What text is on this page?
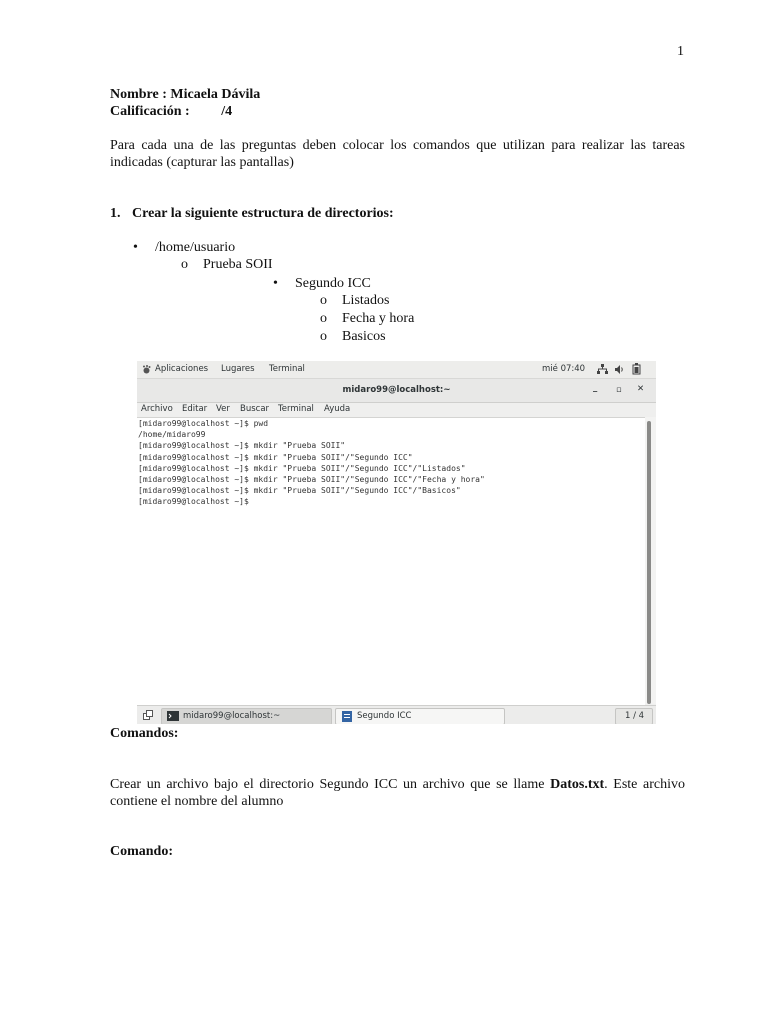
1
Nombre : Micaela Dávila
Calificación : /4
Para cada una de las preguntas deben colocar los comandos que utilizan para realizar las tareas indicadas (capturar las pantallas)
1. Crear la siguiente estructura de directorios:
• /home/usuario
o Prueba SOII
• Segundo ICC
o Listados
o Fecha y hora
o Basicos
Aplicaciones Lugares Terminal	mié 07:40
midaro99@localhost:~	_ ▫ ✕
Archivo Editar Ver Buscar Terminal Ayuda
[midaro99@localhost ~]$ pwd
/home/midaro99
[midaro99@localhost ~]$ mkdir "Prueba SOII"
[midaro99@localhost ~]$ mkdir "Prueba SOII"/"Segundo ICC"
[midaro99@localhost ~]$ mkdir "Prueba SOII"/"Segundo ICC"/"Listados"
[midaro99@localhost ~]$ mkdir "Prueba SOII"/"Segundo ICC"/"Fecha y hora"
[midaro99@localhost ~]$ mkdir "Prueba SOII"/"Segundo ICC"/"Basicos"
[midaro99@localhost ~]$
midaro99@localhost:~	Segundo ICC	1 / 4
Comandos:
Crear un archivo bajo el directorio Segundo ICC un archivo que se llame Datos.txt. Este archivo contiene el nombre del alumno
Comando:
